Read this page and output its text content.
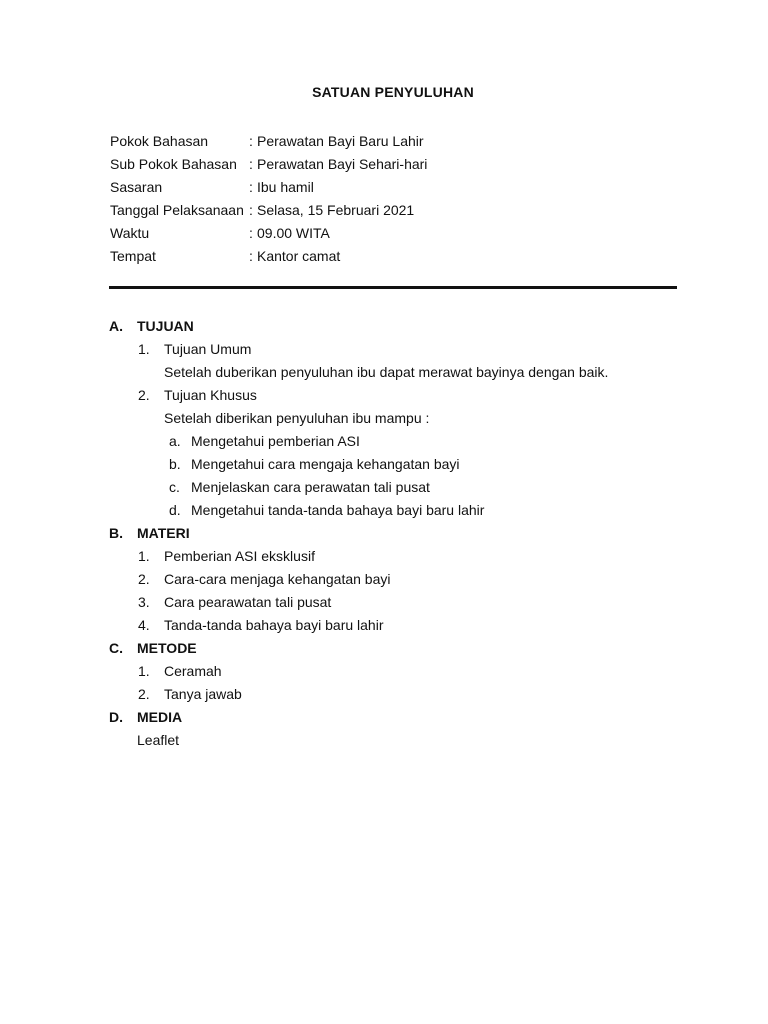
SATUAN PENYULUHAN
Pokok Bahasan	: Perawatan Bayi Baru Lahir
Sub Pokok Bahasan : Perawatan Bayi Sehari-hari
Sasaran	: Ibu hamil
Tanggal Pelaksanaan : Selasa, 15 Februari 2021
Waktu	: 09.00 WITA
Tempat	: Kantor camat
A. TUJUAN
1. Tujuan Umum
Setelah duberikan penyuluhan ibu dapat merawat bayinya dengan baik.
2. Tujuan Khusus
Setelah diberikan penyuluhan ibu mampu :
a. Mengetahui pemberian ASI
b. Mengetahui cara mengaja kehangatan bayi
c. Menjelaskan cara perawatan tali pusat
d. Mengetahui tanda-tanda bahaya bayi baru lahir
B. MATERI
1. Pemberian ASI eksklusif
2. Cara-cara menjaga kehangatan bayi
3. Cara pearawatan tali pusat
4. Tanda-tanda bahaya bayi baru lahir
C. METODE
1. Ceramah
2. Tanya jawab
D. MEDIA
Leaflet
